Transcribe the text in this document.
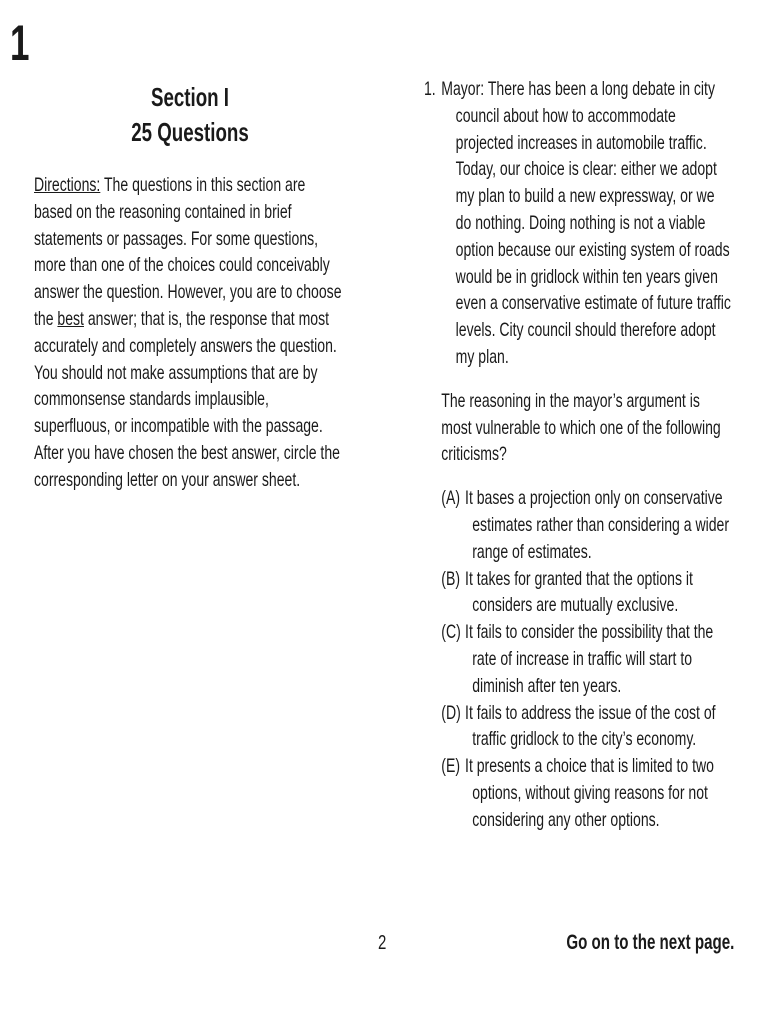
1
Section I
25 Questions
Directions: The questions in this section are based on the reasoning contained in brief statements or passages. For some questions, more than one of the choices could conceivably answer the question. However, you are to choose the best answer; that is, the response that most accurately and completely answers the question. You should not make assumptions that are by commonsense standards implausible, superfluous, or incompatible with the passage. After you have chosen the best answer, circle the corresponding letter on your answer sheet.
1. Mayor: There has been a long debate in city council about how to accommodate projected increases in automobile traffic. Today, our choice is clear: either we adopt my plan to build a new expressway, or we do nothing. Doing nothing is not a viable option because our existing system of roads would be in gridlock within ten years given even a conservative estimate of future traffic levels. City council should therefore adopt my plan.
The reasoning in the mayor’s argument is most vulnerable to which one of the following criticisms?
(A) It bases a projection only on conservative estimates rather than considering a wider range of estimates.
(B) It takes for granted that the options it considers are mutually exclusive.
(C) It fails to consider the possibility that the rate of increase in traffic will start to diminish after ten years.
(D) It fails to address the issue of the cost of traffic gridlock to the city’s economy.
(E) It presents a choice that is limited to two options, without giving reasons for not considering any other options.
2	Go on to the next page.
